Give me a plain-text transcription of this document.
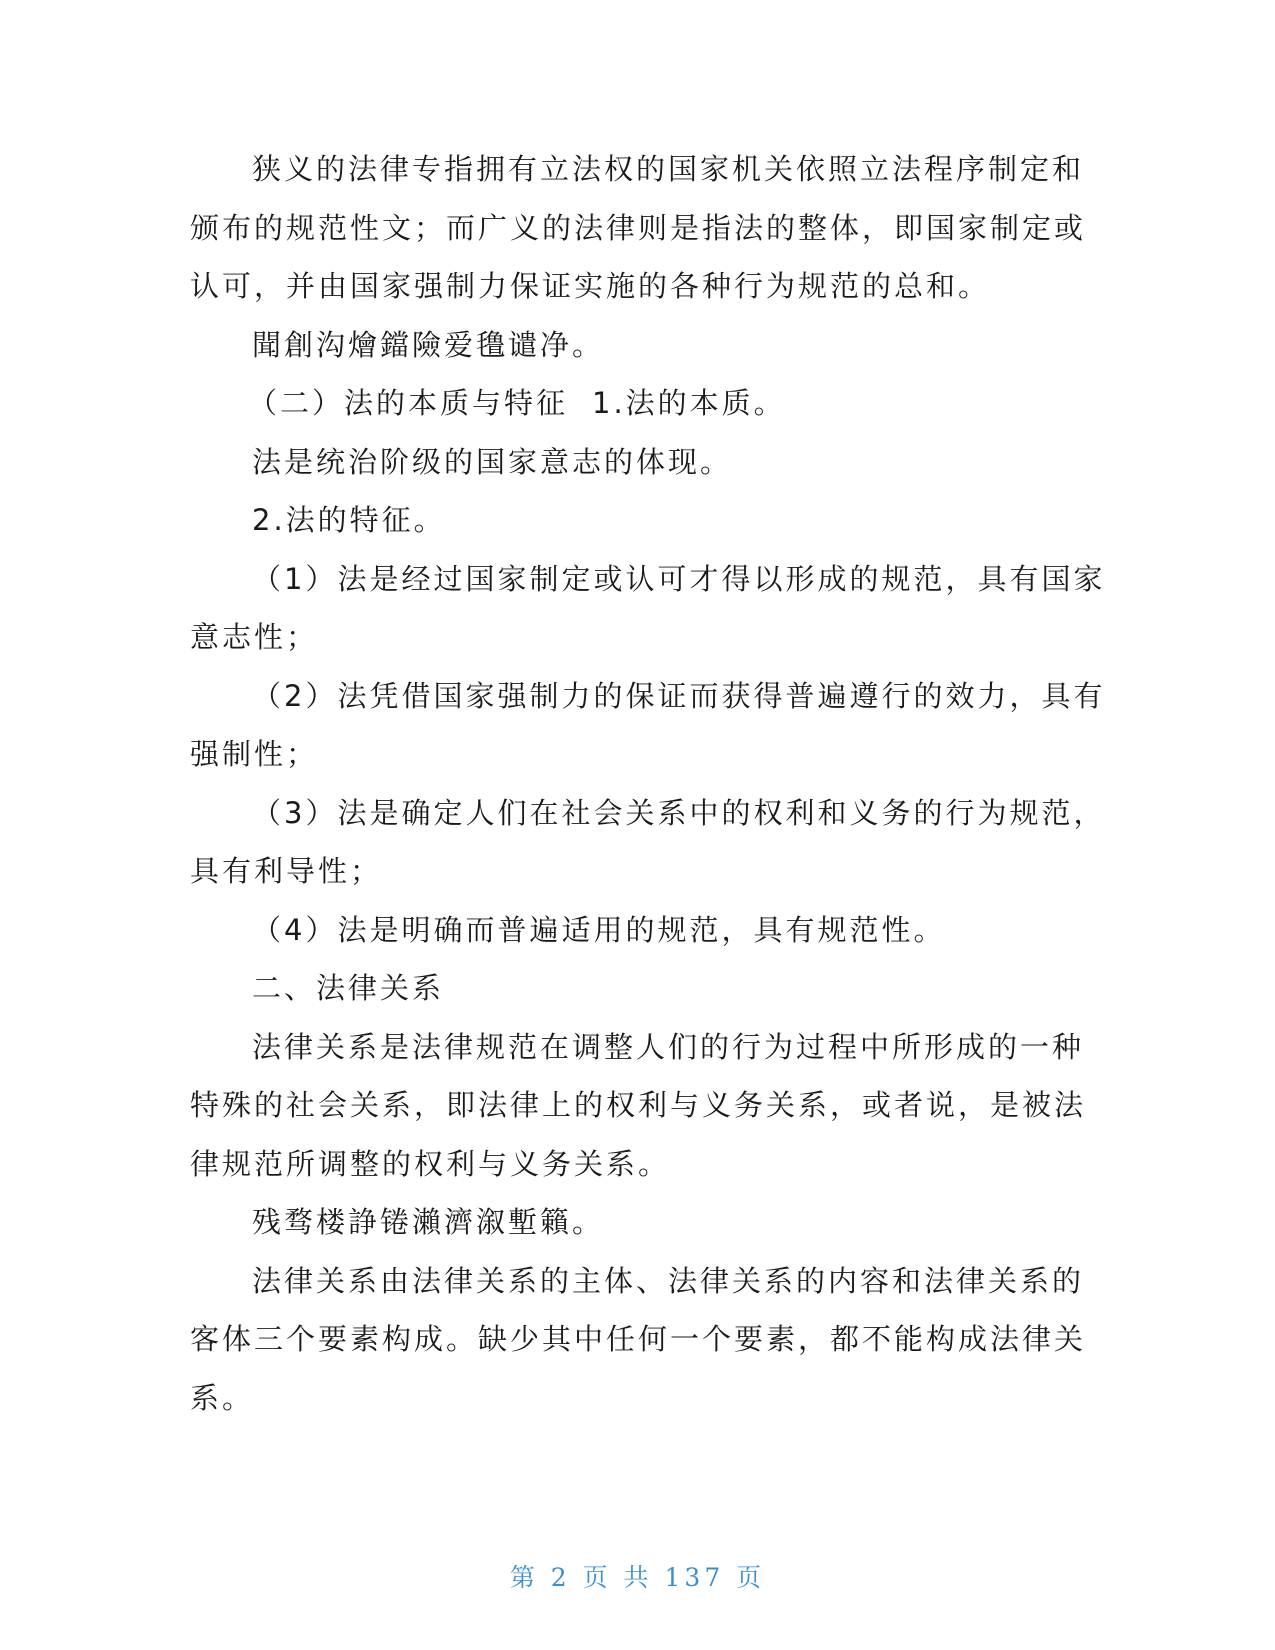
狭义的法律专指拥有立法权的国家机关依照立法程序制定和

颁布的规范性文；而广义的法律则是指法的整体，即国家制定或

认可，并由国家强制力保证实施的各种行为规范的总和。

聞創沟燴鐺險爱氇谴净。

（二）法的本质与特征 1.法的本质。

法是统治阶级的国家意志的体现。

2.法的特征。

（1）法是经过国家制定或认可才得以形成的规范，具有国家

意志性；

（2）法凭借国家强制力的保证而获得普遍遵行的效力，具有

强制性；

（3）法是确定人们在社会关系中的权利和义务的行为规范，

具有利导性；

（4）法是明确而普遍适用的规范，具有规范性。

二、法律关系

法律关系是法律规范在调整人们的行为过程中所形成的一种

特殊的社会关系，即法律上的权利与义务关系，或者说，是被法

律规范所调整的权利与义务关系。

残骛楼諍锩瀨濟溆塹籟。

法律关系由法律关系的主体、法律关系的内容和法律关系的

客体三个要素构成。缺少其中任何一个要素，都不能构成法律关

系。

第 2 页 共 137 页
